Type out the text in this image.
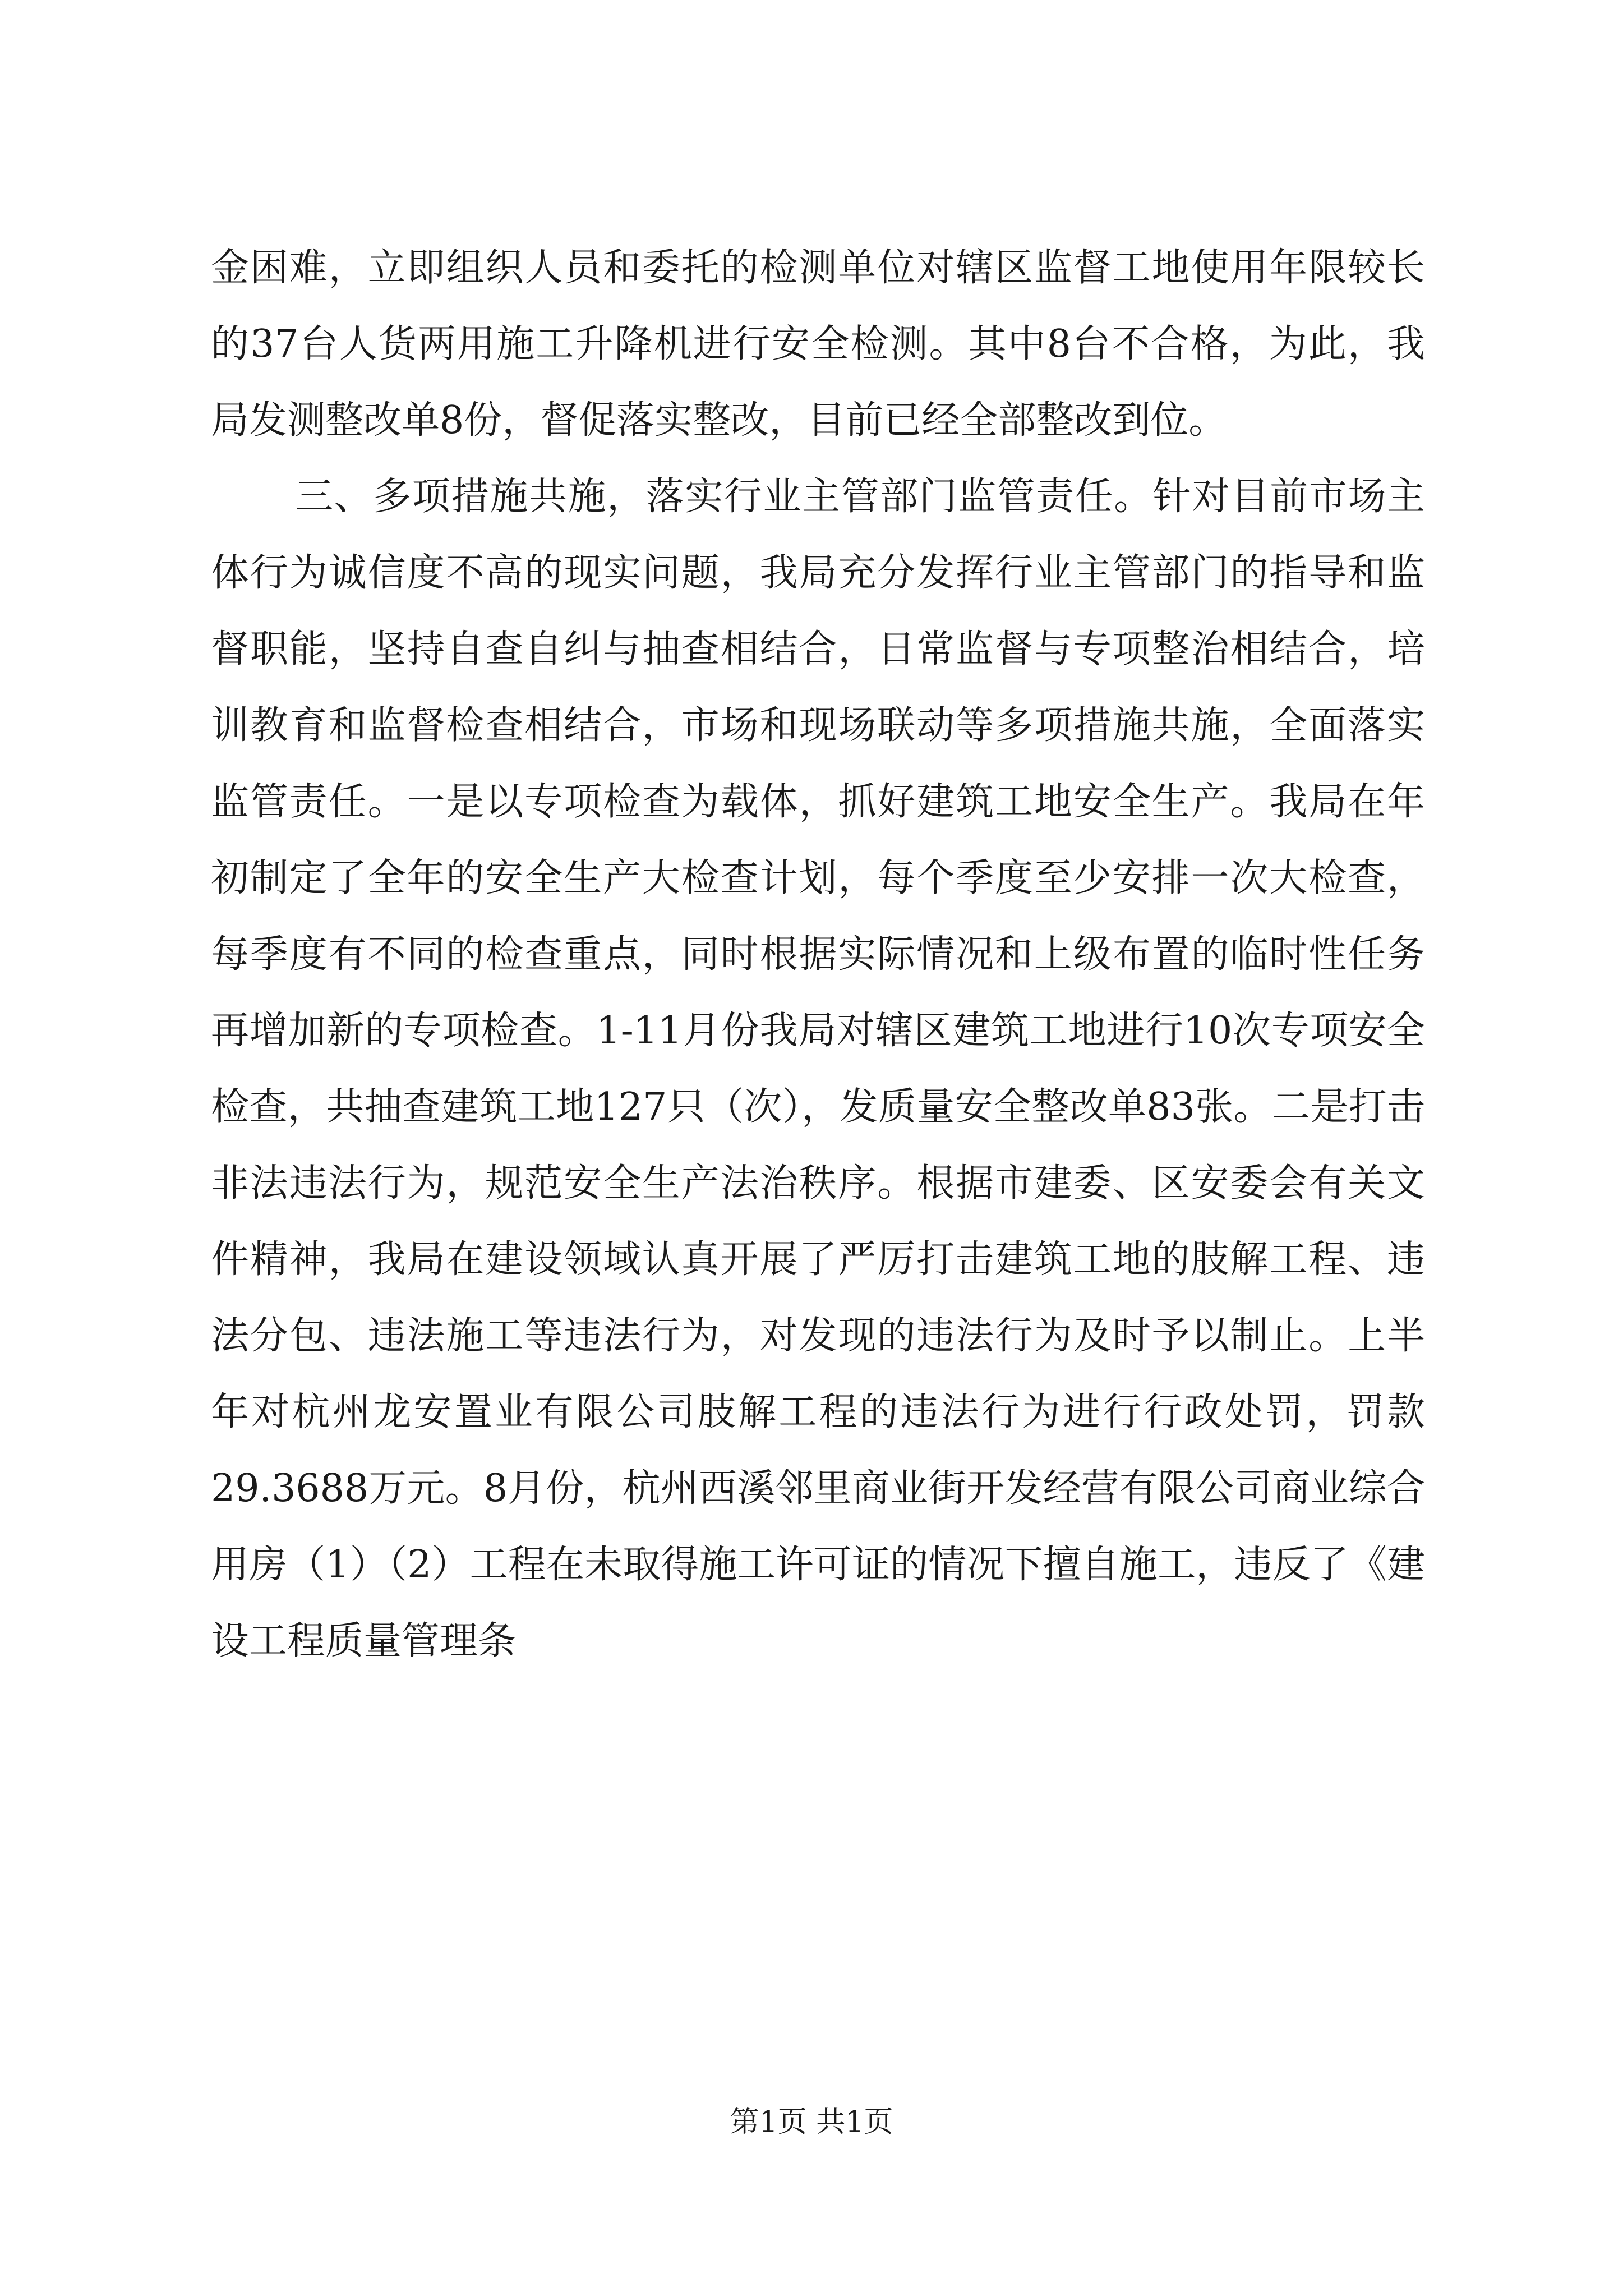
金困难，立即组织人员和委托的检测单位对辖区监督工地使用年限较长的37台人货两用施工升降机进行安全检测。其中8台不合格，为此，我局发测整改单8份，督促落实整改，目前已经全部整改到位。

三、多项措施共施，落实行业主管部门监管责任。针对目前市场主体行为诚信度不高的现实问题，我局充分发挥行业主管部门的指导和监督职能，坚持自查自纠与抽查相结合，日常监督与专项整治相结合，培训教育和监督检查相结合，市场和现场联动等多项措施共施，全面落实监管责任。一是以专项检查为载体，抓好建筑工地安全生产。我局在年初制定了全年的安全生产大检查计划，每个季度至少安排一次大检查，每季度有不同的检查重点，同时根据实际情况和上级布置的临时性任务再增加新的专项检查。1-11月份我局对辖区建筑工地进行10次专项安全检查，共抽查建筑工地127只（次），发质量安全整改单83张。二是打击非法违法行为，规范安全生产法治秩序。根据市建委、区安委会有关文件精神，我局在建设领域认真开展了严厉打击建筑工地的肢解工程、违法分包、违法施工等违法行为，对发现的违法行为及时予以制止。上半年对杭州龙安置业有限公司肢解工程的违法行为进行行政处罚，罚款29.3688万元。8月份，杭州西溪邻里商业街开发经营有限公司商业综合用房（1）（2）工程在未取得施工许可证的情况下擅自施工，违反了《建设工程质量管理条

第1页 共1页
